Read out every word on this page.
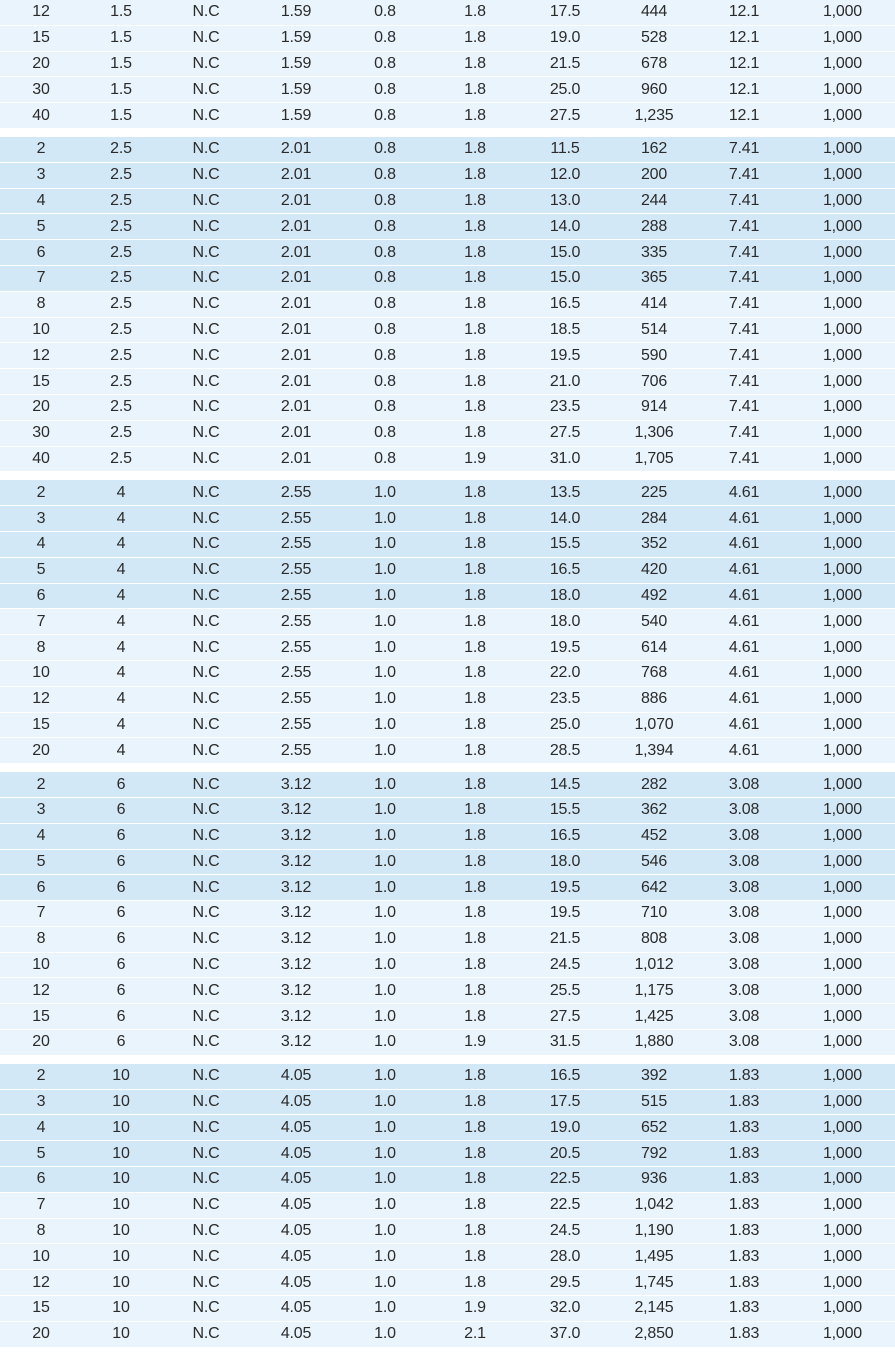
12	1.5	N.C	1.59	0.8	1.8	17.5	444	12.1	1,000
15	1.5	N.C	1.59	0.8	1.8	19.0	528	12.1	1,000
20	1.5	N.C	1.59	0.8	1.8	21.5	678	12.1	1,000
30	1.5	N.C	1.59	0.8	1.8	25.0	960	12.1	1,000
40	1.5	N.C	1.59	0.8	1.8	27.5	1,235	12.1	1,000
2	2.5	N.C	2.01	0.8	1.8	11.5	162	7.41	1,000
3	2.5	N.C	2.01	0.8	1.8	12.0	200	7.41	1,000
4	2.5	N.C	2.01	0.8	1.8	13.0	244	7.41	1,000
5	2.5	N.C	2.01	0.8	1.8	14.0	288	7.41	1,000
6	2.5	N.C	2.01	0.8	1.8	15.0	335	7.41	1,000
7	2.5	N.C	2.01	0.8	1.8	15.0	365	7.41	1,000
8	2.5	N.C	2.01	0.8	1.8	16.5	414	7.41	1,000
10	2.5	N.C	2.01	0.8	1.8	18.5	514	7.41	1,000
12	2.5	N.C	2.01	0.8	1.8	19.5	590	7.41	1,000
15	2.5	N.C	2.01	0.8	1.8	21.0	706	7.41	1,000
20	2.5	N.C	2.01	0.8	1.8	23.5	914	7.41	1,000
30	2.5	N.C	2.01	0.8	1.8	27.5	1,306	7.41	1,000
40	2.5	N.C	2.01	0.8	1.9	31.0	1,705	7.41	1,000
2	4	N.C	2.55	1.0	1.8	13.5	225	4.61	1,000
3	4	N.C	2.55	1.0	1.8	14.0	284	4.61	1,000
4	4	N.C	2.55	1.0	1.8	15.5	352	4.61	1,000
5	4	N.C	2.55	1.0	1.8	16.5	420	4.61	1,000
6	4	N.C	2.55	1.0	1.8	18.0	492	4.61	1,000
7	4	N.C	2.55	1.0	1.8	18.0	540	4.61	1,000
8	4	N.C	2.55	1.0	1.8	19.5	614	4.61	1,000
10	4	N.C	2.55	1.0	1.8	22.0	768	4.61	1,000
12	4	N.C	2.55	1.0	1.8	23.5	886	4.61	1,000
15	4	N.C	2.55	1.0	1.8	25.0	1,070	4.61	1,000
20	4	N.C	2.55	1.0	1.8	28.5	1,394	4.61	1,000
2	6	N.C	3.12	1.0	1.8	14.5	282	3.08	1,000
3	6	N.C	3.12	1.0	1.8	15.5	362	3.08	1,000
4	6	N.C	3.12	1.0	1.8	16.5	452	3.08	1,000
5	6	N.C	3.12	1.0	1.8	18.0	546	3.08	1,000
6	6	N.C	3.12	1.0	1.8	19.5	642	3.08	1,000
7	6	N.C	3.12	1.0	1.8	19.5	710	3.08	1,000
8	6	N.C	3.12	1.0	1.8	21.5	808	3.08	1,000
10	6	N.C	3.12	1.0	1.8	24.5	1,012	3.08	1,000
12	6	N.C	3.12	1.0	1.8	25.5	1,175	3.08	1,000
15	6	N.C	3.12	1.0	1.8	27.5	1,425	3.08	1,000
20	6	N.C	3.12	1.0	1.9	31.5	1,880	3.08	1,000
2	10	N.C	4.05	1.0	1.8	16.5	392	1.83	1,000
3	10	N.C	4.05	1.0	1.8	17.5	515	1.83	1,000
4	10	N.C	4.05	1.0	1.8	19.0	652	1.83	1,000
5	10	N.C	4.05	1.0	1.8	20.5	792	1.83	1,000
6	10	N.C	4.05	1.0	1.8	22.5	936	1.83	1,000
7	10	N.C	4.05	1.0	1.8	22.5	1,042	1.83	1,000
8	10	N.C	4.05	1.0	1.8	24.5	1,190	1.83	1,000
10	10	N.C	4.05	1.0	1.8	28.0	1,495	1.83	1,000
12	10	N.C	4.05	1.0	1.8	29.5	1,745	1.83	1,000
15	10	N.C	4.05	1.0	1.9	32.0	2,145	1.83	1,000
20	10	N.C	4.05	1.0	2.1	37.0	2,850	1.83	1,000
